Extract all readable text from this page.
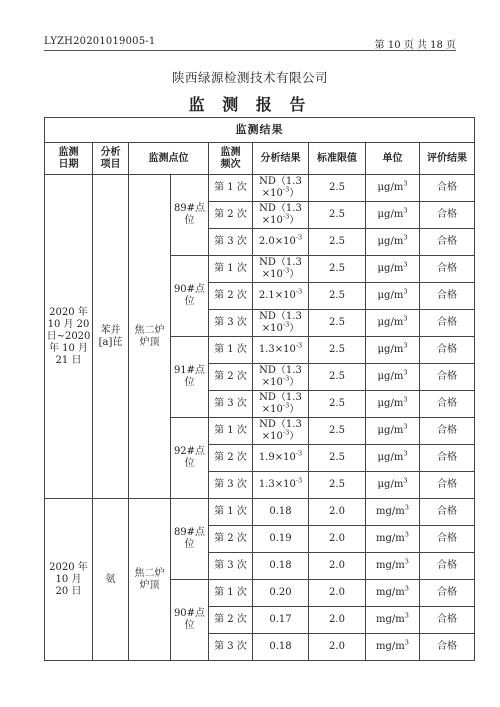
LYZH20201019005-1	第 10 页 共 18 页
陕西绿源检测技术有限公司
监 测 报 告
监测结果								
监测
日期	分析
项目	监测点位		监测
频次	分析结果	标准限值	单位	评价结果
2020 年
10 月 20
日~2020
年 10 月
21 日	苯并
[a]芘	焦二炉
炉顶	89#点位	第 1 次	ND（1.3
$\times 10^{-3}$）	2.5	$\mu g/m^3$	合格
				第 2 次	ND（1.3
$\times 10^{-3}$）	2.5	$\mu g/m^3$	合格
				第 3 次	$2.0\times 10^{-3}$	2.5	$\mu g/m^3$	合格
			90#点位	第 1 次	ND（1.3
$\times 10^{-3}$）	2.5	$\mu g/m^3$	合格
				第 2 次	$2.1\times 10^{-3}$	2.5	$\mu g/m^3$	合格
				第 3 次	ND（1.3
$\times 10^{-3}$）	2.5	$\mu g/m^3$	合格
			91#点位	第 1 次	$1.3\times 10^{-3}$	2.5	$\mu g/m^3$	合格
				第 2 次	ND（1.3
$\times 10^{-3}$）	2.5	$\mu g/m^3$	合格
				第 3 次	ND（1.3
$\times 10^{-3}$）	2.5	$\mu g/m^3$	合格
			92#点位	第 1 次	ND（1.3
$\times 10^{-3}$）	2.5	$\mu g/m^3$	合格
				第 2 次	$1.9\times 10^{-3}$	2.5	$\mu g/m^3$	合格
				第 3 次	$1.3\times 10^{-3}$	2.5	$\mu g/m^3$	合格
2020 年
10 月
20 日	氨	焦二炉
炉顶	89#点位	第 1 次	0.18	2.0	$mg/m^3$	合格
				第 2 次	0.19	2.0	$mg/m^3$	合格
				第 3 次	0.18	2.0	$mg/m^3$	合格
			90#点位	第 1 次	0.20	2.0	$mg/m^3$	合格
				第 2 次	0.17	2.0	$mg/m^3$	合格
				第 3 次	0.18	2.0	$mg/m^3$	合格
